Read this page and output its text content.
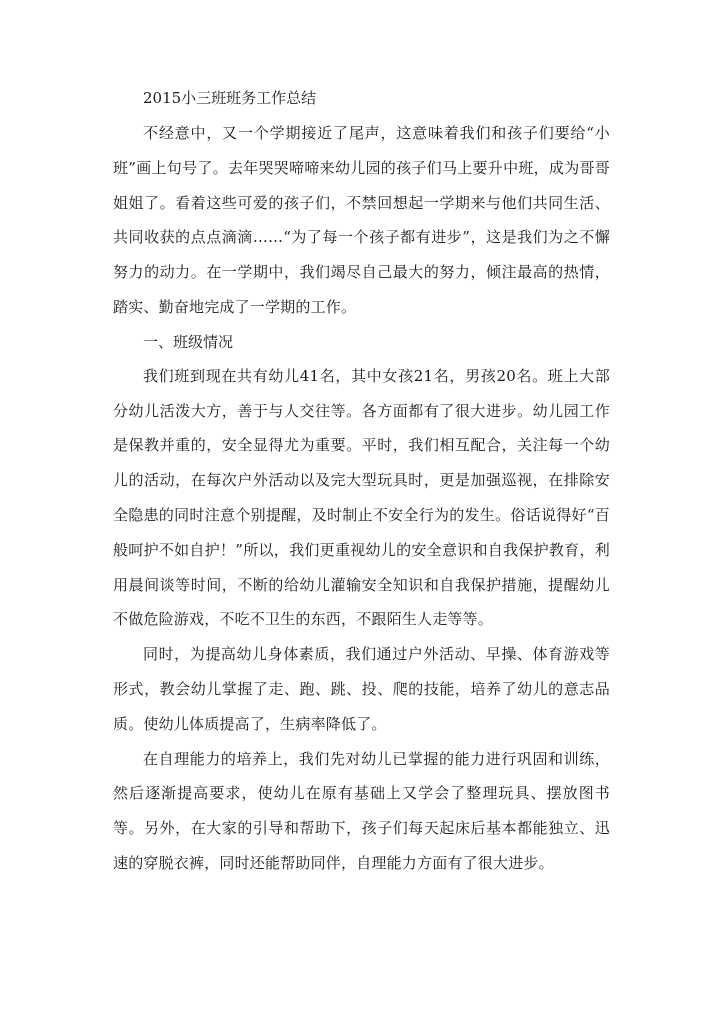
2015小三班班务工作总结

不经意中，又一个学期接近了尾声，这意味着我们和孩子们要给“小班”画上句号了。去年哭哭啼啼来幼儿园的孩子们马上要升中班，成为哥哥姐姐了。看着这些可爱的孩子们，不禁回想起一学期来与他们共同生活、共同收获的点点滴滴……“为了每一个孩子都有进步”，这是我们为之不懈努力的动力。在一学期中，我们竭尽自己最大的努力，倾注最高的热情，踏实、勤奋地完成了一学期的工作。

一、班级情况

我们班到现在共有幼儿41名，其中女孩21名，男孩20名。班上大部分幼儿活泼大方，善于与人交往等。各方面都有了很大进步。幼儿园工作是保教并重的，安全显得尤为重要。平时，我们相互配合，关注每一个幼儿的活动，在每次户外活动以及完大型玩具时，更是加强巡视，在排除安全隐患的同时注意个别提醒，及时制止不安全行为的发生。俗话说得好“百般呵护不如自护！”所以，我们更重视幼儿的安全意识和自我保护教育，利用晨间谈等时间，不断的给幼儿灌输安全知识和自我保护措施，提醒幼儿不做危险游戏，不吃不卫生的东西，不跟陌生人走等等。

同时，为提高幼儿身体素质，我们通过户外活动、早操、体育游戏等形式，教会幼儿掌握了走、跑、跳、投、爬的技能，培养了幼儿的意志品质。使幼儿体质提高了，生病率降低了。

在自理能力的培养上，我们先对幼儿已掌握的能力进行巩固和训练，然后逐渐提高要求，使幼儿在原有基础上又学会了整理玩具、摆放图书等。另外，在大家的引导和帮助下，孩子们每天起床后基本都能独立、迅速的穿脱衣裤，同时还能帮助同伴，自理能力方面有了很大进步。
